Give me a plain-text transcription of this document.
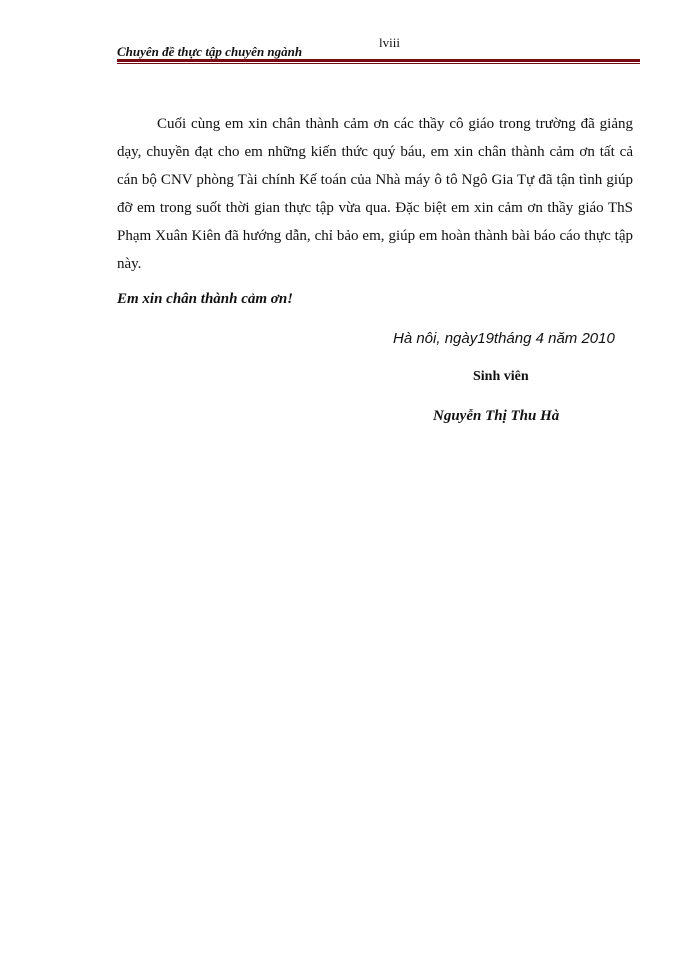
Chuyên đề thực tập chuyên ngành
lviii

Cuối cùng em xin chân thành cảm ơn các thầy cô giáo trong trường đã giảng dạy, chuyền đạt cho em những kiến thức quý báu, em xin chân thành cảm ơn tất cả cán bộ CNV phòng Tài chính Kế toán của Nhà máy ô tô Ngô Gia Tự đã tận tình giúp đỡ em trong suốt thời gian thực tập vừa qua. Đặc biệt em xin cảm ơn thầy giáo ThS Phạm Xuân Kiên đã hướng dẫn, chỉ bảo em, giúp em hoàn thành bài báo cáo thực tập này.

Em xin chân thành cảm ơn!
Hà nôi, ngày19tháng 4 năm 2010
Sinh viên
Nguyễn Thị Thu Hà
